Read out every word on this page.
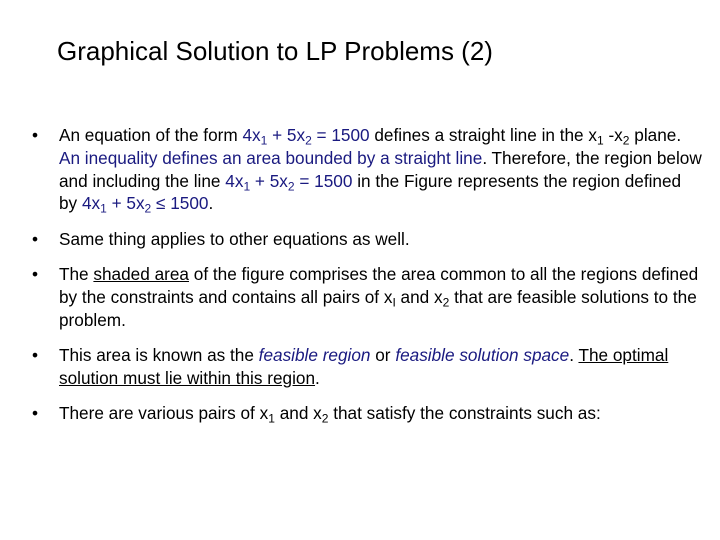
Graphical Solution to LP Problems (2)
• An equation of the form $4x_1 + 5x_2 = 1500$ defines a straight line in the $x_1$ $-x_2$ plane. An inequality defines an area bounded by a straight line. Therefore, the region below and including the line $4x_1 + 5x_2 = 1500$ in the Figure represents the region defined by $4x_1 + 5x_2 \le 1500$.
• Same thing applies to other equations as well.
• The shaded area of the figure comprises the area common to all the regions defined by the constraints and contains all pairs of $x_I$ and $x_2$ that are feasible solutions to the problem.
• This area is known as the feasible region or feasible solution space. The optimal solution must lie within this region.
• There are various pairs of $x_1$ and $x_2$ that satisfy the constraints such as:
